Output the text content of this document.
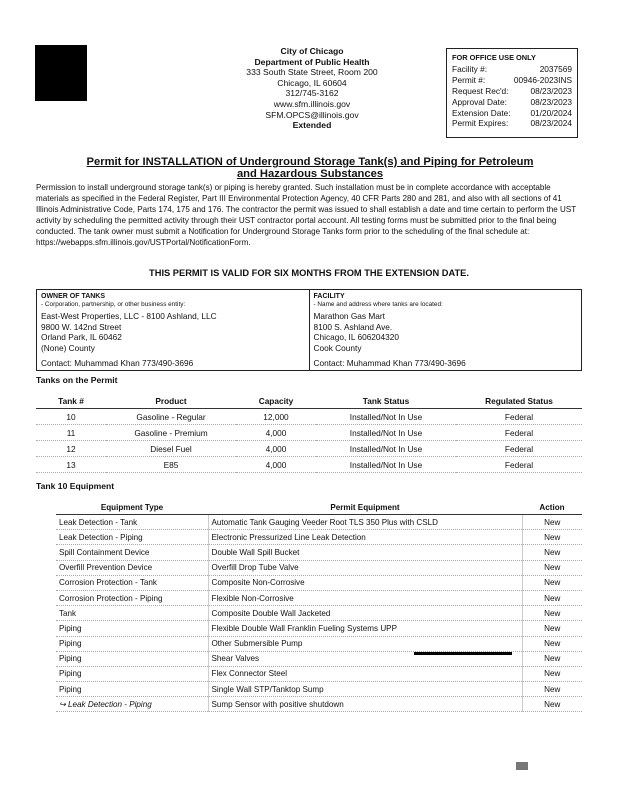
City of Chicago
Department of Public Health
333 South State Street, Room 200
Chicago, IL 60604
312/745-3162
www.sfm.illinois.gov
SFM.OPCS@illinois.gov
Extended
FOR OFFICE USE ONLY
Facility #:	2037569
Permit #:	00946-2023INS
Request Rec'd:	08/23/2023
Approval Date:	08/23/2023
Extension Date: 01/20/2024
Permit Expires:	08/23/2024
Permit for INSTALLATION of Underground Storage Tank(s) and Piping for Petroleum
and Hazardous Substances
Permission to install underground storage tank(s) or piping is hereby granted. Such installation must be in complete accordance with acceptable materials as specified in the Federal Register, Part III Environmental Protection Agency, 40 CFR Parts 280 and 281, and also with all sections of 41 Illinois Administrative Code, Parts 174, 175 and 176. The contractor the permit was issued to shall establish a date and time certain to perform the UST activity by scheduling the permitted activity through their UST contractor portal account. All testing forms must be submitted prior to the final being conducted. The tank owner must submit a Notification for Underground Storage Tanks form prior to the scheduling of the final schedule at: https://webapps.sfm.illinois.gov/USTPortal/NotificationForm.
THIS PERMIT IS VALID FOR SIX MONTHS FROM THE EXTENSION DATE.
OWNER OF TANKS
- Corporation, partnership, or other business entity:
East-West Properties, LLC - 8100 Ashland, LLC
9800 W. 142nd Street
Orland Park, IL 60462
(None) County
Contact: Muhammad Khan 773/490-3696
FACILITY
- Name and address where tanks are located:
Marathon Gas Mart
8100 S. Ashland Ave.
Chicago, IL 606204320
Cook County
Contact: Muhammad Khan 773/490-3696
Tanks on the Permit
Tank #	Product	Capacity	Tank Status	Regulated Status
10	Gasoline - Regular	12,000	Installed/Not In Use	Federal
11	Gasoline - Premium	4,000	Installed/Not In Use	Federal
12	Diesel Fuel	4,000	Installed/Not In Use	Federal
13	E85	4,000	Installed/Not In Use	Federal
Tank 10 Equipment
Equipment Type	Permit Equipment	Action
Leak Detection - Tank	Automatic Tank Gauging Veeder Root TLS 350 Plus with CSLD	New
Leak Detection - Piping	Electronic Pressurized Line Leak Detection	New
Spill Containment Device	Double Wall Spill Bucket	New
Overfill Prevention Device	Overfill Drop Tube Valve	New
Corrosion Protection - Tank	Composite Non-Corrosive	New
Corrosion Protection - Piping	Flexible Non-Corrosive	New
Tank	Composite Double Wall Jacketed	New
Piping	Flexible Double Wall Franklin Fueling Systems UPP	New
Piping	Other Submersible Pump	New
Piping	Shear Valves	New
Piping	Flex Connector Steel	New
Piping	Single Wall STP/Tanktop Sump	New
↪ Leak Detection - Piping	Sump Sensor with positive shutdown	New
